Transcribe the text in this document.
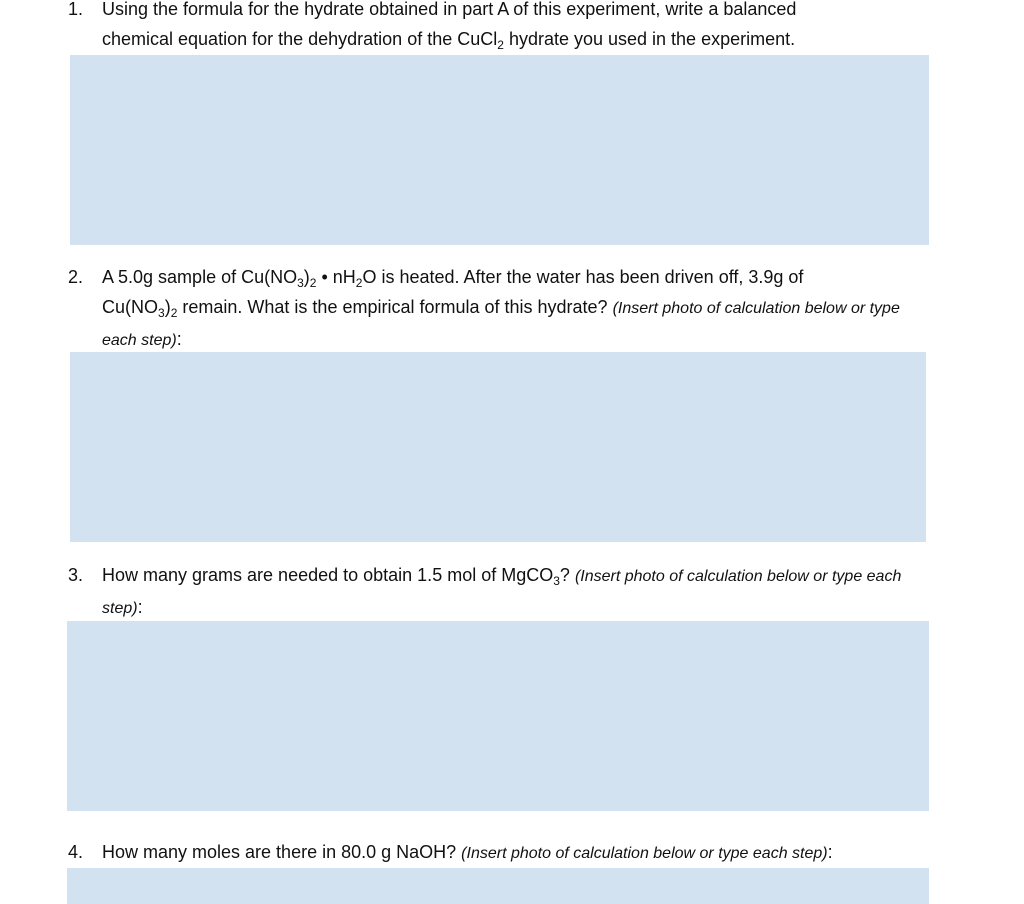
1. Using the formula for the hydrate obtained in part A of this experiment, write a balanced
chemical equation for the dehydration of the CuCl$_2$ hydrate you used in the experiment.
2. A 5.0g sample of $Cu(NO_3)_2$ • $nH_2O$ is heated. After the water has been driven off, 3.9g of
$Cu(NO_3)_2$ remain. What is the empirical formula of this hydrate? (Insert photo of calculation below or type each step):
3. How many grams are needed to obtain 1.5 mol of MgCO$_3$? (Insert photo of calculation below or type each step):
4. How many moles are there in 80.0 g NaOH? (Insert photo of calculation below or type each step):
